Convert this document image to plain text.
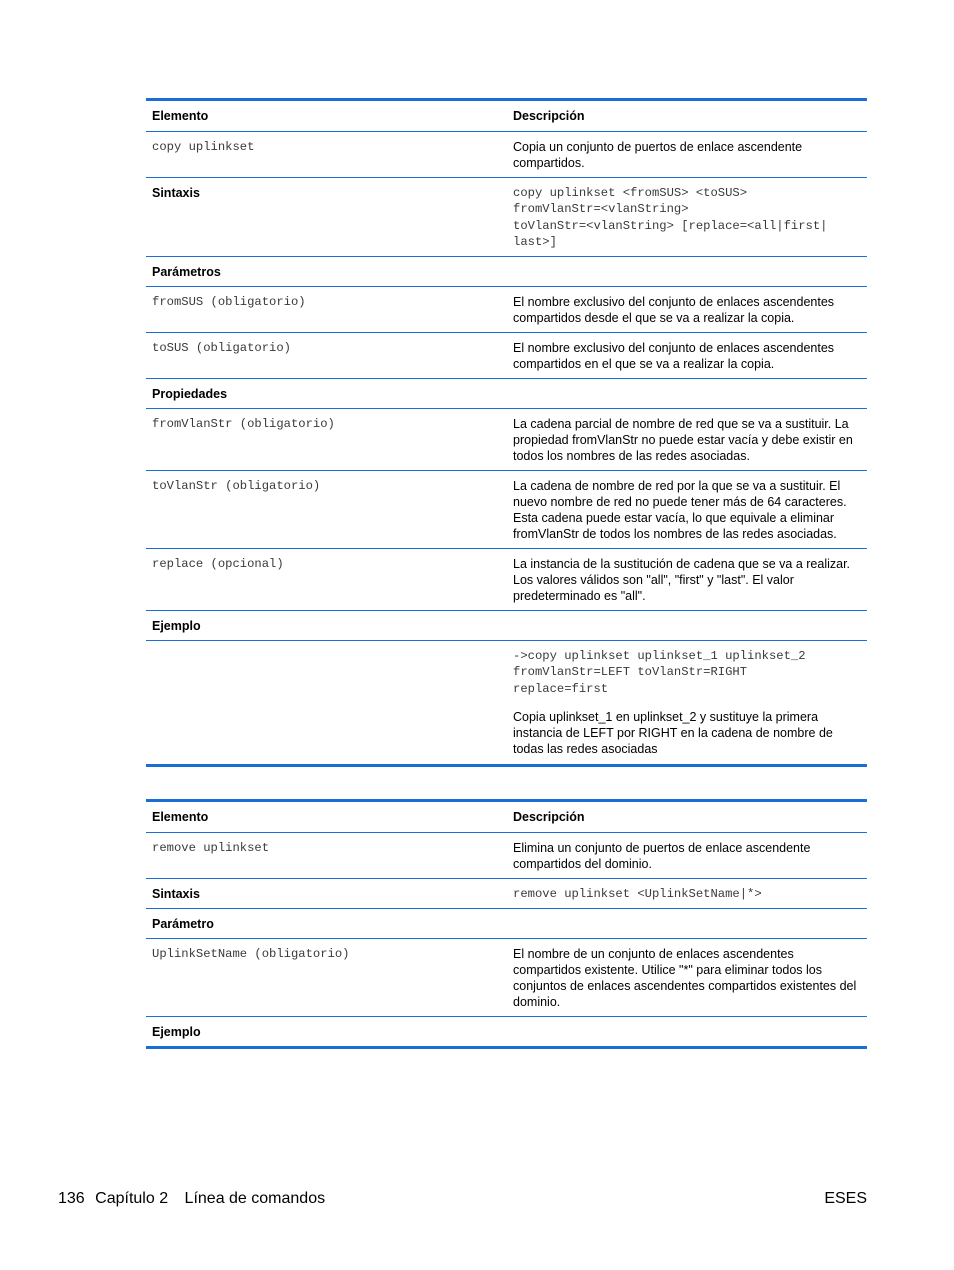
Elemento	Descripción

copy uplinkset	Copia un conjunto de puertos de enlace ascendente compartidos.

Sintaxis	copy uplinkset <fromSUS> <toSUS>
fromVlanStr=<vlanString>
toVlanStr=<vlanString> [replace=<all|first|
last>]

Parámetros	

fromSUS (obligatorio)	El nombre exclusivo del conjunto de enlaces ascendentes compartidos desde el que se va a realizar la copia.

toSUS (obligatorio)	El nombre exclusivo del conjunto de enlaces ascendentes compartidos en el que se va a realizar la copia.

Propiedades	

fromVlanStr (obligatorio)	La cadena parcial de nombre de red que se va a sustituir. La propiedad fromVlanStr no puede estar vacía y debe existir en todos los nombres de las redes asociadas.

toVlanStr (obligatorio)	La cadena de nombre de red por la que se va a sustituir. El nuevo nombre de red no puede tener más de 64 caracteres. Esta cadena puede estar vacía, lo que equivale a eliminar fromVlanStr de todos los nombres de las redes asociadas.

replace (opcional)	La instancia de la sustitución de cadena que se va a realizar. Los valores válidos son "all", "first" y "last". El valor predeterminado es "all".

Ejemplo	

	->copy uplinkset uplinkset_1 uplinkset_2
fromVlanStr=LEFT toVlanStr=RIGHT
replace=first
Copia uplinkset_1 en uplinkset_2 y sustituye la primera instancia de LEFT por RIGHT en la cadena de nombre de todas las redes asociadas
Elemento	Descripción

remove uplinkset	Elimina un conjunto de puertos de enlace ascendente compartidos del dominio.

Sintaxis	remove uplinkset <UplinkSetName|*>

Parámetro	

UplinkSetName (obligatorio)	El nombre de un conjunto de enlaces ascendentes compartidos existente. Utilice "*" para eliminar todos los conjuntos de enlaces ascendentes compartidos existentes del dominio.

Ejemplo	

136 Capítulo 2 Línea de comandos	ESES
